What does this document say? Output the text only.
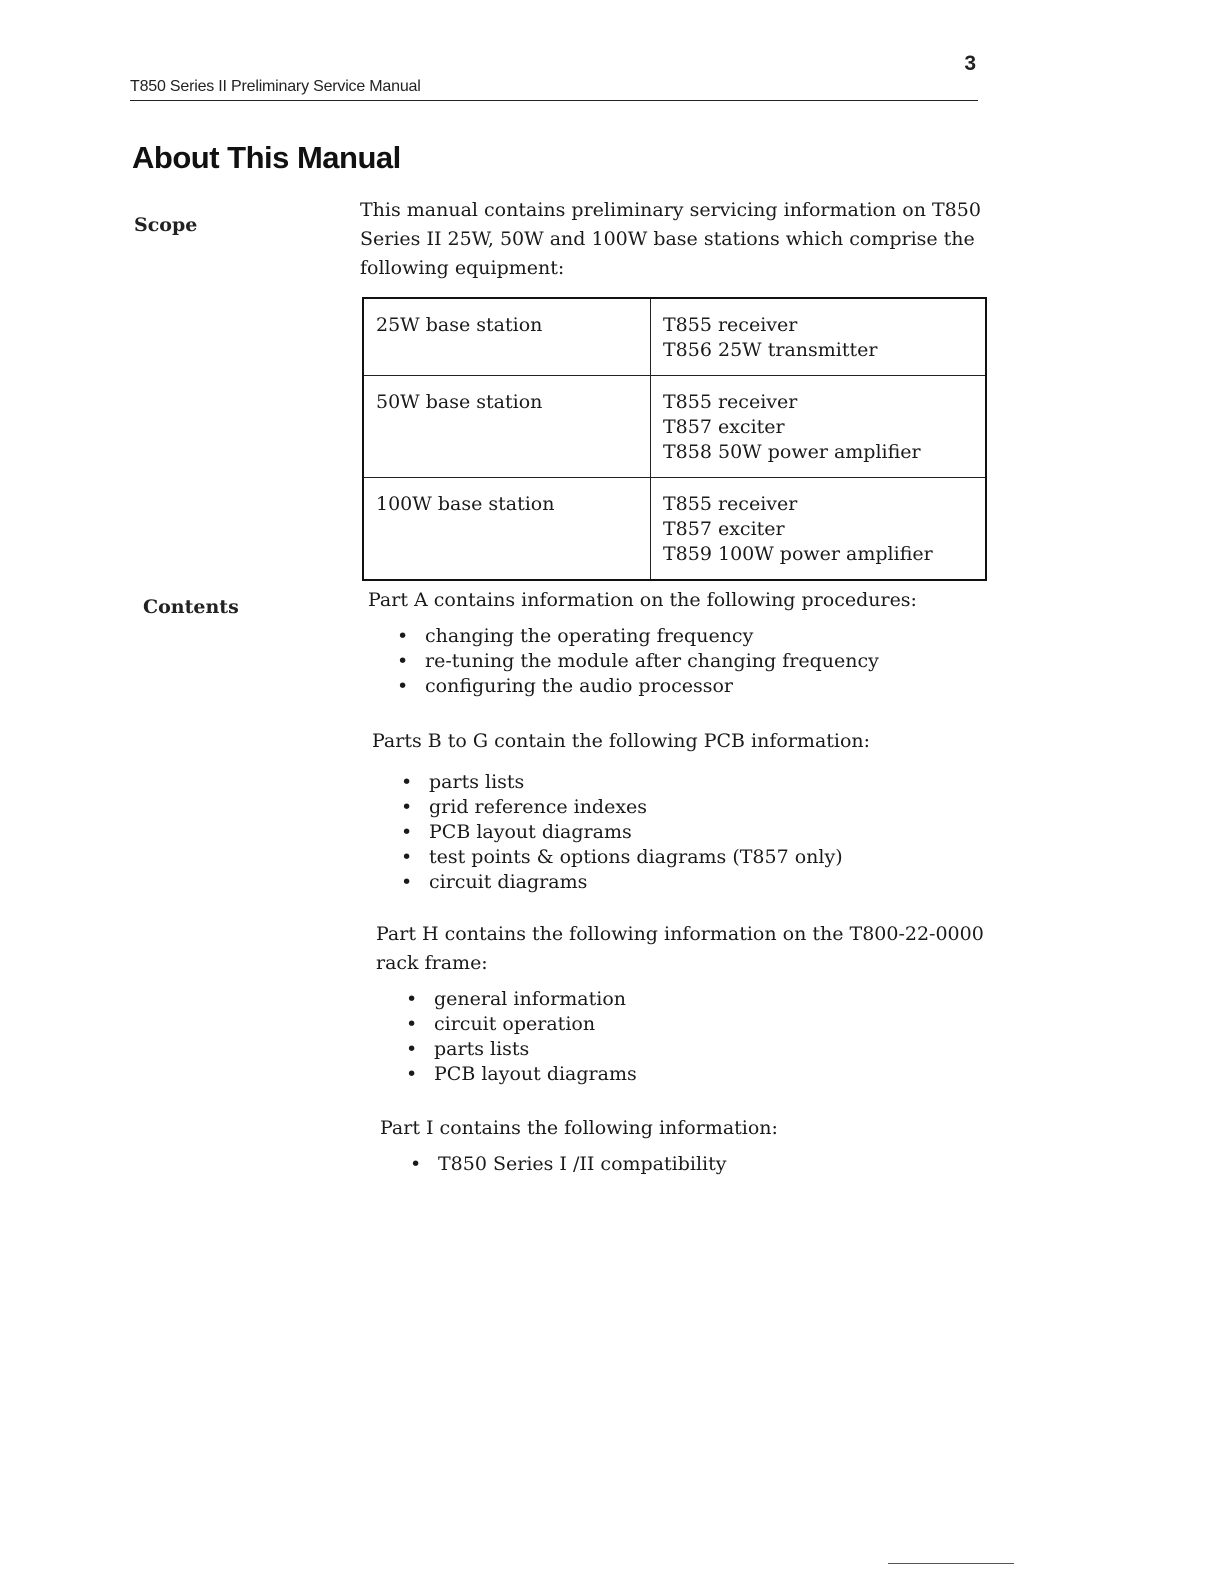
T850 Series II Preliminary Service Manual
3
About This Manual
Scope

This manual contains preliminary servicing information on T850 Series II 25W, 50W and 100W base stations which comprise the following equipment:

25W base station	T855 receiver
T856 25W transmitter

50W base station	T855 receiver
T857 exciter
T858 50W power amplifier

100W base station	T855 receiver
T857 exciter
T859 100W power amplifier
Contents	Part A contains information on the following procedures:

• changing the operating frequency
• re-tuning the module after changing frequency
• configuring the audio processor

Parts B to G contain the following PCB information:

• parts lists
• grid reference indexes
• PCB layout diagrams
• test points & options diagrams (T857 only)
• circuit diagrams

Part H contains the following information on the T800-22-0000 rack frame:

• general information
• circuit operation
• parts lists
• PCB layout diagrams

Part I contains the following information:

• T850 Series I /II compatibility
